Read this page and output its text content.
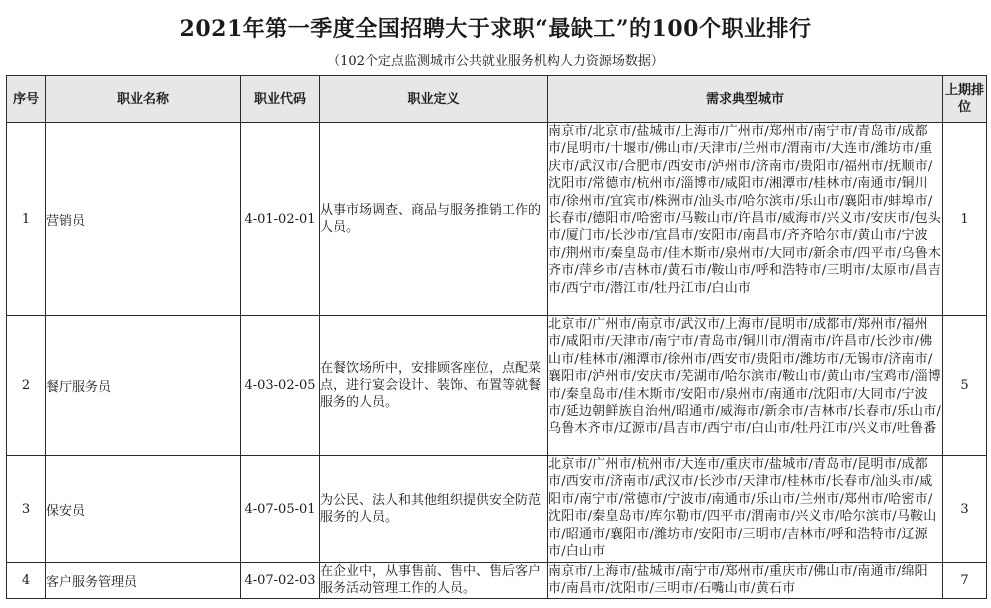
2021年第一季度全国招聘大于求职“最缺工”的100个职业排行
（102个定点监测城市公共就业服务机构人力资源场数据）
序号	职业名称	职业代码	职业定义	需求典型城市	上期排位
1	营销员	4-01-02-01	从事市场调查、商品与服务推销工作的人员。	南京市/北京市/盐城市/上海市/广州市/郑州市/南宁市/青岛市/成都市/昆明市/十堰市/佛山市/天津市/兰州市/渭南市/大连市/潍坊市/重庆市/武汉市/合肥市/西安市/泸州市/济南市/贵阳市/福州市/抚顺市/沈阳市/常德市/杭州市/淄博市/咸阳市/湘潭市/桂林市/南通市/铜川市/徐州市/宜宾市/株洲市/汕头市/哈尔滨市/乐山市/襄阳市/蚌埠市/长春市/德阳市/哈密市/马鞍山市/许昌市/威海市/兴义市/安庆市/包头市/厦门市/长沙市/宜昌市/安阳市/南昌市/齐齐哈尔市/黄山市/宁波市/荆州市/秦皇岛市/佳木斯市/泉州市/大同市/新余市/四平市/乌鲁木齐市/萍乡市/吉林市/黄石市/鞍山市/呼和浩特市/三明市/太原市/昌吉市/西宁市/潜江市/牡丹江市/白山市	1
2	餐厅服务员	4-03-02-05	在餐饮场所中，安排顾客座位，点配菜点，进行宴会设计、装饰、布置等就餐服务的人员。	北京市/广州市/南京市/武汉市/上海市/昆明市/成都市/郑州市/福州市/咸阳市/天津市/南宁市/青岛市/铜川市/渭南市/许昌市/长沙市/佛山市/桂林市/湘潭市/徐州市/西安市/贵阳市/潍坊市/无锡市/济南市/襄阳市/泸州市/安庆市/芜湖市/哈尔滨市/鞍山市/黄山市/宝鸡市/淄博市/秦皇岛市/佳木斯市/安阳市/泉州市/南通市/沈阳市/大同市/宁波市/延边朝鲜族自治州/昭通市/威海市/新余市/吉林市/长春市/乐山市/乌鲁木齐市/辽源市/昌吉市/西宁市/白山市/牡丹江市/兴义市/吐鲁番	5
3	保安员	4-07-05-01	为公民、法人和其他组织提供安全防范服务的人员。	北京市/广州市/杭州市/大连市/重庆市/盐城市/青岛市/昆明市/成都市/西安市/济南市/武汉市/长沙市/天津市/桂林市/长春市/汕头市/咸阳市/南宁市/常德市/宁波市/南通市/乐山市/兰州市/郑州市/哈密市/沈阳市/秦皇岛市/库尔勒市/四平市/渭南市/兴义市/哈尔滨市/马鞍山市/昭通市/襄阳市/潍坊市/安阳市/三明市/吉林市/呼和浩特市/辽源市/白山市	3
4	客户服务管理员	4-07-02-03	在企业中，从事售前、售中、售后客户服务活动管理工作的人员。	南京市/上海市/盐城市/南宁市/郑州市/重庆市/佛山市/南通市/绵阳市/南昌市/沈阳市/三明市/石嘴山市/黄石市	7
